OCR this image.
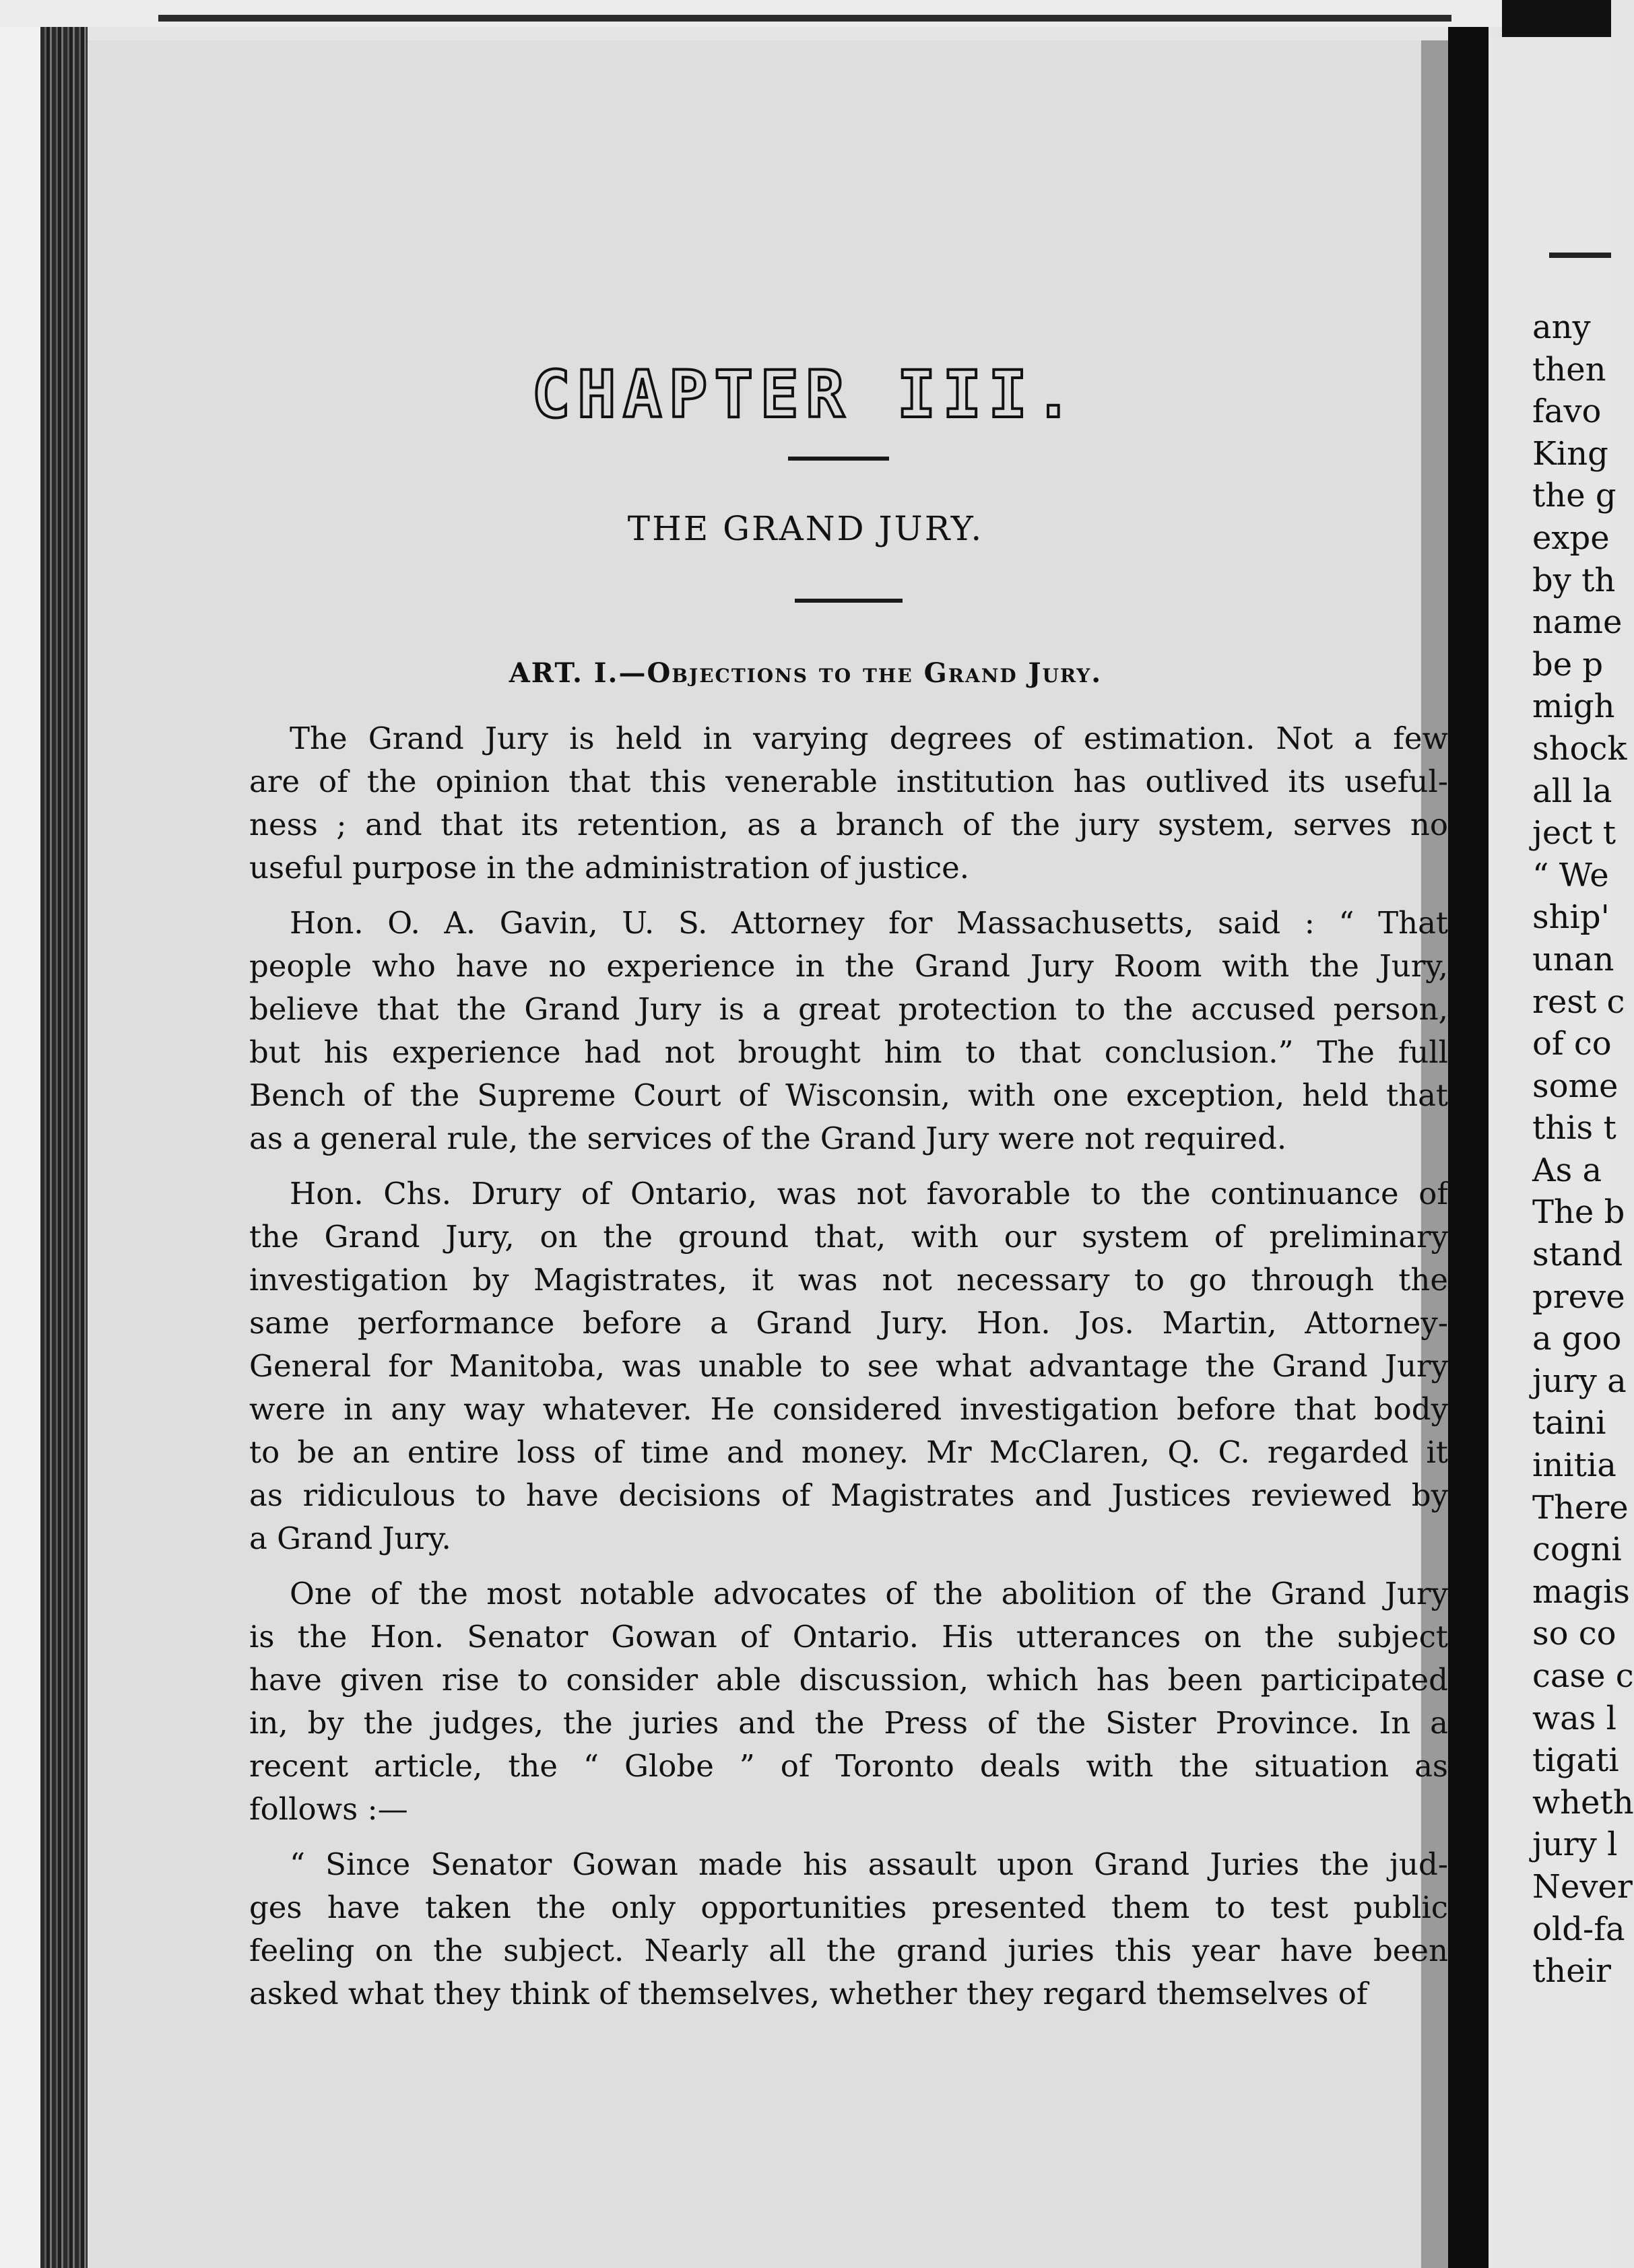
any
then
favo
King
the g
expe
by th
name
be p
migh
shock
all la
ject t
“ We
ship'
unan
rest c
of co
some
this t
As a
The b
stand
preve
a goo
jury a
taini
initia
There
cogni
magis
so co
case c
was l
tigati
wheth
jury l
Never
old-fa
their
CHAPTER III.
THE GRAND JURY.
ART. I.—Objections to the Grand Jury.

The Grand Jury is held in varying degrees of estimation. Not a few
are of the opinion that this venerable institution has outlived its useful-
ness ; and that its retention, as a branch of the jury system, serves no
useful purpose in the administration of justice.

Hon. O. A. Gavin, U. S. Attorney for Massachusetts, said : “ That
people who have no experience in the Grand Jury Room with the Jury,
believe that the Grand Jury is a great protection to the accused person,
but his experience had not brought him to that conclusion.” The full
Bench of the Supreme Court of Wisconsin, with one exception, held that
as a general rule, the services of the Grand Jury were not required.

Hon. Chs. Drury of Ontario, was not favorable to the continuance of
the Grand Jury, on the ground that, with our system of preliminary
investigation by Magistrates, it was not necessary to go through the
same performance before a Grand Jury. Hon. Jos. Martin, Attorney-
General for Manitoba, was unable to see what advantage the Grand Jury
were in any way whatever. He considered investigation before that body
to be an entire loss of time and money. Mr McClaren, Q. C. regarded it
as ridiculous to have decisions of Magistrates and Justices reviewed by
a Grand Jury.

One of the most notable advocates of the abolition of the Grand Jury
is the Hon. Senator Gowan of Ontario. His utterances on the subject
have given rise to consider able discussion, which has been participated
in, by the judges, the juries and the Press of the Sister Province. In a
recent article, the “ Globe ” of Toronto deals with the situation as
follows :—

“ Since Senator Gowan made his assault upon Grand Juries the jud-
ges have taken the only opportunities presented them to test public
feeling on the subject. Nearly all the grand juries this year have been
asked what they think of themselves, whether they regard themselves of
